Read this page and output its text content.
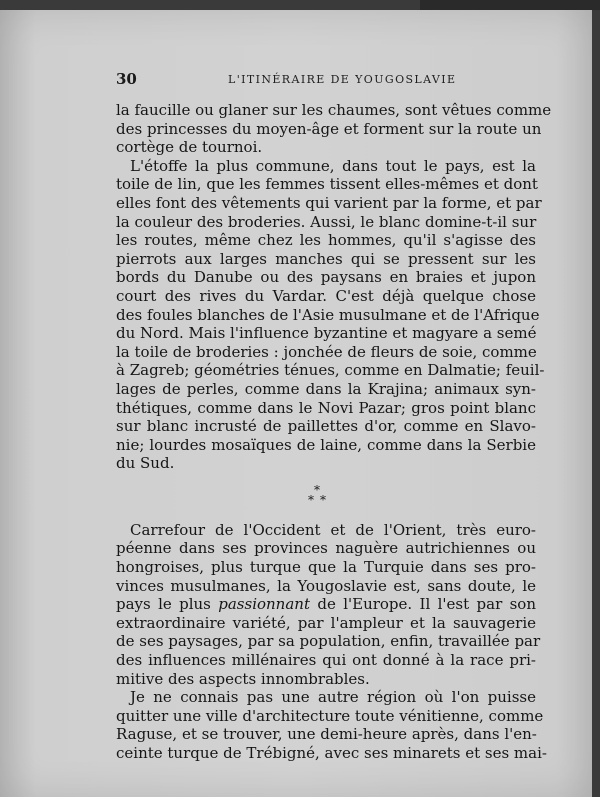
30	L'ITINÉRAIRE DE YOUGOSLAVIE
la faucille ou glaner sur les chaumes, sont vêtues comme
des princesses du moyen-âge et forment sur la route un
cortège de tournoi.
L'étoffe la plus commune, dans tout le pays, est la
toile de lin, que les femmes tissent elles-mêmes et dont
elles font des vêtements qui varient par la forme, et par
la couleur des broderies. Aussi, le blanc domine-t-il sur
les routes, même chez les hommes, qu'il s'agisse des
pierrots aux larges manches qui se pressent sur les
bords du Danube ou des paysans en braies et jupon
court des rives du Vardar. C'est déjà quelque chose
des foules blanches de l'Asie musulmane et de l'Afrique
du Nord. Mais l'influence byzantine et magyare a semé
la toile de broderies : jonchée de fleurs de soie, comme
à Zagreb; géométries ténues, comme en Dalmatie; feuil-
lages de perles, comme dans la Krajina; animaux syn-
thétiques, comme dans le Novi Pazar; gros point blanc
sur blanc incrusté de paillettes d'or, comme en Slavo-
nie; lourdes mosaïques de laine, comme dans la Serbie
du Sud.
*
* *
Carrefour de l'Occident et de l'Orient, très euro-
péenne dans ses provinces naguère autrichiennes ou
hongroises, plus turque que la Turquie dans ses pro-
vinces musulmanes, la Yougoslavie est, sans doute, le
pays le plus passionnant de l'Europe. Il l'est par son
extraordinaire variété, par l'ampleur et la sauvagerie
de ses paysages, par sa population, enfin, travaillée par
des influences millénaires qui ont donné à la race pri-
mitive des aspects innombrables.
Je ne connais pas une autre région où l'on puisse
quitter une ville d'architecture toute vénitienne, comme
Raguse, et se trouver, une demi-heure après, dans l'en-
ceinte turque de Trébigné, avec ses minarets et ses mai-
